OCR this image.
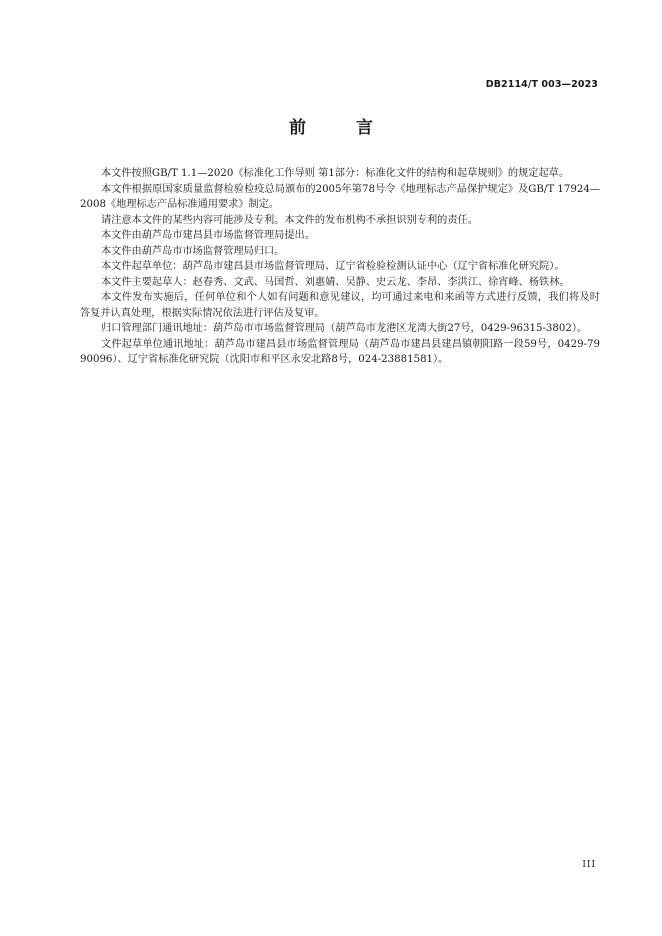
DB2114/T 003—2023
前 言

本文件按照GB/T 1.1—2020《标准化工作导则 第1部分：标准化文件的结构和起草规则》的规定起草。

本文件根据原国家质量监督检验检疫总局颁布的2005年第78号令《地理标志产品保护规定》及GB/T 17924—2008《地理标志产品标准通用要求》制定。

请注意本文件的某些内容可能涉及专利。本文件的发布机构不承担识别专利的责任。

本文件由葫芦岛市建昌县市场监督管理局提出。

本文件由葫芦岛市市场监督管理局归口。

本文件起草单位：葫芦岛市建昌县市场监督管理局、辽宁省检验检测认证中心（辽宁省标准化研究院）。

本文件主要起草人：赵春秀、文武、马国哲、刘惠婧、吴静、史云龙、李昂、李洪江、徐宵峰、杨铁林。

本文件发布实施后，任何单位和个人如有问题和意见建议，均可通过来电和来函等方式进行反馈，我们将及时答复并认真处理，根据实际情况依法进行评估及复审。

归口管理部门通讯地址：葫芦岛市市场监督管理局（葫芦岛市龙港区龙湾大街27号，0429-96315-3802）。

文件起草单位通讯地址：葫芦岛市建昌县市场监督管理局（葫芦岛市建昌县建昌镇朝阳路一段59号，0429-7990096）、辽宁省标准化研究院（沈阳市和平区永安北路8号，024-23881581）。

III
